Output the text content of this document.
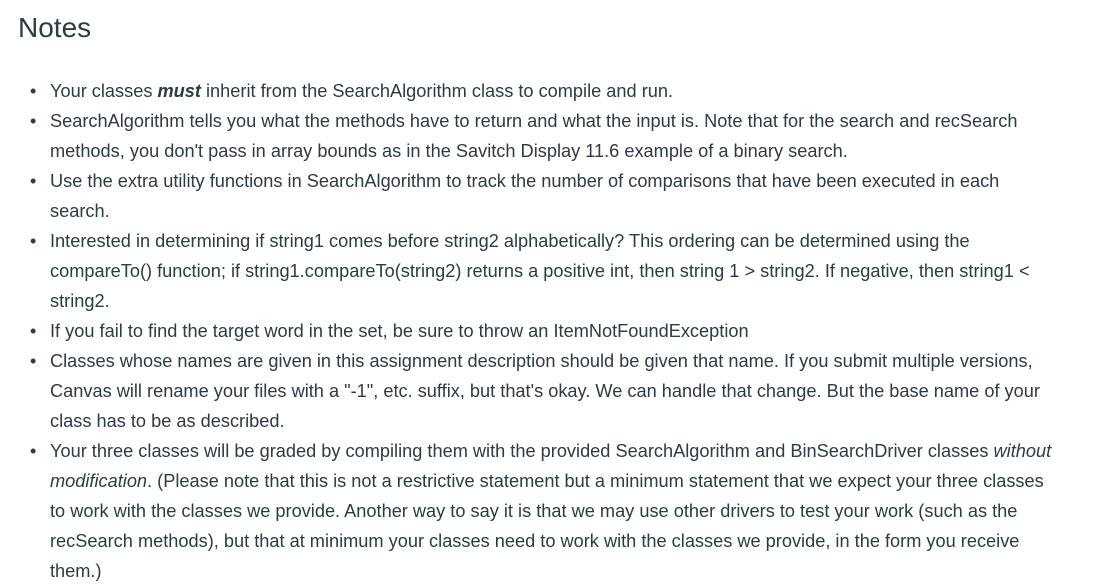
Notes
• Your classes must inherit from the SearchAlgorithm class to compile and run.
• SearchAlgorithm tells you what the methods have to return and what the input is. Note that for the search and recSearch methods, you don't pass in array bounds as in the Savitch Display 11.6 example of a binary search.
• Use the extra utility functions in SearchAlgorithm to track the number of comparisons that have been executed in each search.
• Interested in determining if string1 comes before string2 alphabetically? This ordering can be determined using the compareTo() function; if string1.compareTo(string2) returns a positive int, then string 1 > string2. If negative, then string1 < string2.
• If you fail to find the target word in the set, be sure to throw an ItemNotFoundException
• Classes whose names are given in this assignment description should be given that name. If you submit multiple versions, Canvas will rename your files with a "-1", etc. suffix, but that's okay. We can handle that change. But the base name of your class has to be as described.
• Your three classes will be graded by compiling them with the provided SearchAlgorithm and BinSearchDriver classes without modification. (Please note that this is not a restrictive statement but a minimum statement that we expect your three classes to work with the classes we provide. Another way to say it is that we may use other drivers to test your work (such as the recSearch methods), but that at minimum your classes need to work with the classes we provide, in the form you receive them.)
